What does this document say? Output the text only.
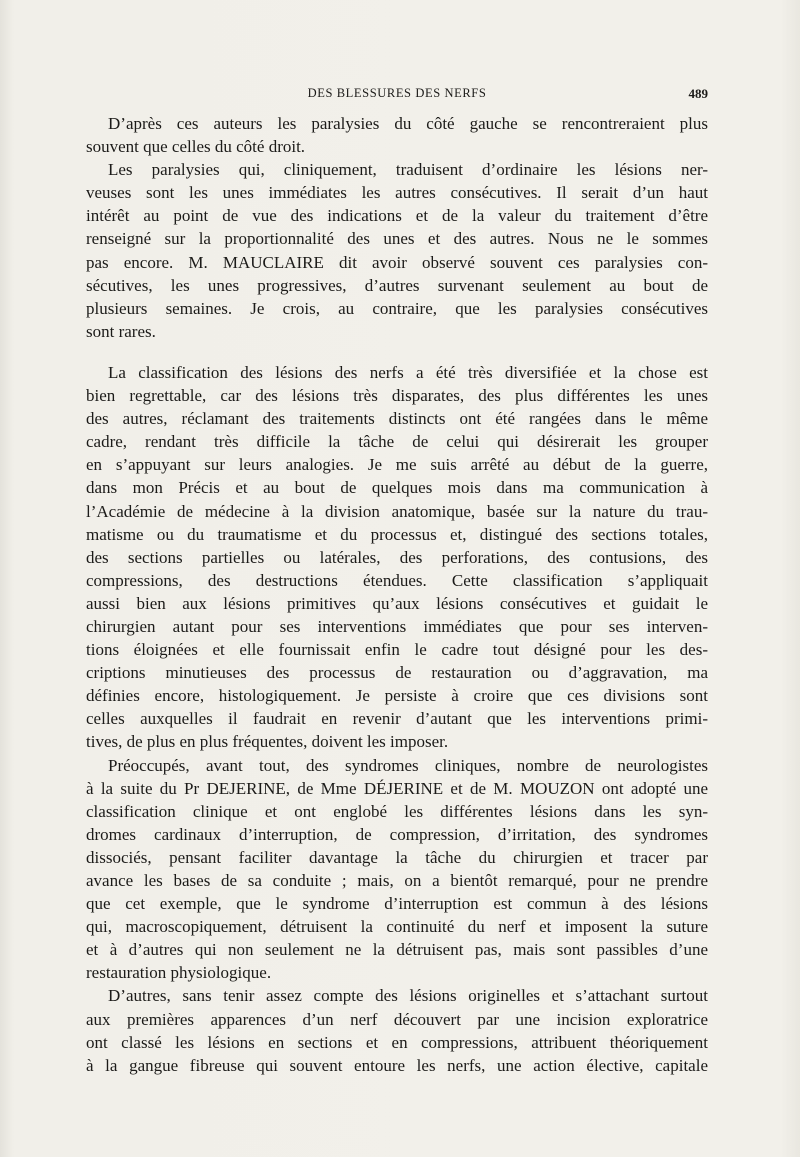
DES BLESSURES DES NERFS	489
D’après ces auteurs les paralysies du côté gauche se rencontreraient plus
souvent que celles du côté droit.
Les paralysies qui, cliniquement, traduisent d’ordinaire les lésions ner-
veuses sont les unes immédiates les autres consécutives. Il serait d’un haut
intérêt au point de vue des indications et de la valeur du traitement d’être
renseigné sur la proportionnalité des unes et des autres. Nous ne le sommes
pas encore. M. MAUCLAIRE dit avoir observé souvent ces paralysies con-
sécutives, les unes progressives, d’autres survenant seulement au bout de
plusieurs semaines. Je crois, au contraire, que les paralysies consécutives
sont rares.
La classification des lésions des nerfs a été très diversifiée et la chose est
bien regrettable, car des lésions très disparates, des plus différentes les unes
des autres, réclamant des traitements distincts ont été rangées dans le même
cadre, rendant très difficile la tâche de celui qui désirerait les grouper
en s’appuyant sur leurs analogies. Je me suis arrêté au début de la guerre,
dans mon Précis et au bout de quelques mois dans ma communication à
l’Académie de médecine à la division anatomique, basée sur la nature du trau-
matisme ou du traumatisme et du processus et, distingué des sections totales,
des sections partielles ou latérales, des perforations, des contusions, des
compressions, des destructions étendues. Cette classification s’appliquait
aussi bien aux lésions primitives qu’aux lésions consécutives et guidait le
chirurgien autant pour ses interventions immédiates que pour ses interven-
tions éloignées et elle fournissait enfin le cadre tout désigné pour les des-
criptions minutieuses des processus de restauration ou d’aggravation, ma
définies encore, histologiquement. Je persiste à croire que ces divisions sont
celles auxquelles il faudrait en revenir d’autant que les interventions primi-
tives, de plus en plus fréquentes, doivent les imposer.
Préoccupés, avant tout, des syndromes cliniques, nombre de neurologistes
à la suite du Pr DEJERINE, de Mme DÉJERINE et de M. MOUZON ont adopté une
classification clinique et ont englobé les différentes lésions dans les syn-
dromes cardinaux d’interruption, de compression, d’irritation, des syndromes
dissociés, pensant faciliter davantage la tâche du chirurgien et tracer par
avance les bases de sa conduite ; mais, on a bientôt remarqué, pour ne prendre
que cet exemple, que le syndrome d’interruption est commun à des lésions
qui, macroscopiquement, détruisent la continuité du nerf et imposent la suture
et à d’autres qui non seulement ne la détruisent pas, mais sont passibles d’une
restauration physiologique.
D’autres, sans tenir assez compte des lésions originelles et s’attachant surtout
aux premières apparences d’un nerf découvert par une incision exploratrice
ont classé les lésions en sections et en compressions, attribuent théoriquement
à la gangue fibreuse qui souvent entoure les nerfs, une action élective, capitale
